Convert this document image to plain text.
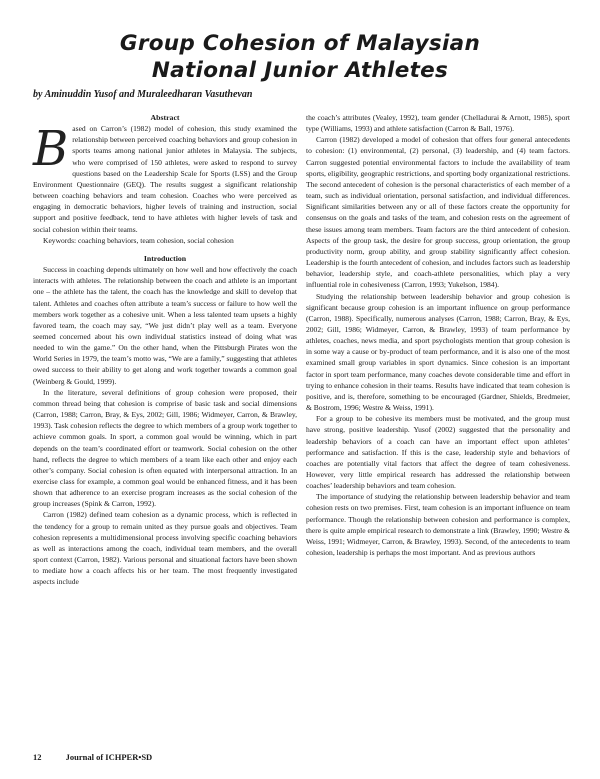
Group Cohesion of Malaysian
National Junior Athletes
by Aminuddin Yusof and Muraleedharan Vasuthevan
Abstract
B ased on Carron’s (1982) model of cohesion, this study examined the relationship between perceived coaching behaviors and group cohesion in sports teams among national junior athletes in Malaysia. The subjects, who were comprised of 150 athletes, were asked to respond to survey questions based on the Leadership Scale for Sports (LSS) and the Group Environment Questionnaire (GEQ). The results suggest a significant relationship between coaching behaviors and team cohesion. Coaches who were perceived as engaging in democratic behaviors, higher levels of training and instruction, social support and positive feedback, tend to have athletes with higher levels of task and social cohesion within their teams.

Keywords: coaching behaviors, team cohesion, social cohesion

Introduction

Success in coaching depends ultimately on how well and how effectively the coach interacts with athletes. The relationship between the coach and athlete is an important one – the athlete has the talent, the coach has the knowledge and skill to develop that talent. Athletes and coaches often attribute a team’s success or failure to how well the members work together as a cohesive unit. When a less talented team upsets a highly favored team, the coach may say, “We just didn’t play well as a team. Everyone seemed concerned about his own individual statistics instead of doing what was needed to win the game.” On the other hand, when the Pittsburgh Pirates won the World Series in 1979, the team’s motto was, “We are a family,” suggesting that athletes owed success to their ability to get along and work together towards a common goal (Weinberg & Gould, 1999).

In the literature, several definitions of group cohesion were proposed, their common thread being that cohesion is comprise of basic task and social dimensions (Carron, 1988; Carron, Bray, & Eys, 2002; Gill, 1986; Widmeyer, Carron, & Brawley, 1993). Task cohesion reflects the degree to which members of a group work together to achieve common goals. In sport, a common goal would be winning, which in part depends on the team’s coordinated effort or teamwork. Social cohesion on the other hand, reflects the degree to which members of a team like each other and enjoy each other’s company. Social cohesion is often equated with interpersonal attraction. In an exercise class for example, a common goal would be enhanced fitness, and it has been shown that adherence to an exercise program increases as the social cohesion of the group increases (Spink & Carron, 1992).

Carron (1982) defined team cohesion as a dynamic process, which is reflected in the tendency for a group to remain united as they pursue goals and objectives. Team cohesion represents a multidimensional process involving specific coaching behaviors as well as interactions among the coach, individual team members, and the overall sport context (Carron, 1982). Various personal and situational factors have been shown to mediate how a coach affects his or her team. The most frequently investigated aspects include

the coach’s attributes (Vealey, 1992), team gender (Chelladurai & Arnott, 1985), sport type (Williams, 1993) and athlete satisfaction (Carron & Ball, 1976).

Carron (1982) developed a model of cohesion that offers four general antecedents to cohesion: (1) environmental, (2) personal, (3) leadership, and (4) team factors. Carron suggested potential environmental factors to include the availability of team sports, eligibility, geographic restrictions, and sporting body organizational restrictions. The second antecedent of cohesion is the personal characteristics of each member of a team, such as individual orientation, personal satisfaction, and individual differences. Significant similarities between any or all of these factors create the opportunity for consensus on the goals and tasks of the team, and cohesion rests on the agreement of these issues among team members. Team factors are the third antecedent of cohesion. Aspects of the group task, the desire for group success, group orientation, the group productivity norm, group ability, and group stability significantly affect cohesion. Leadership is the fourth antecedent of cohesion, and includes factors such as leadership behavior, leadership style, and coach-athlete personalities, which play a very influential role in cohesiveness (Carron, 1993; Yukelson, 1984).

Studying the relationship between leadership behavior and group cohesion is significant because group cohesion is an important influence on group performance (Carron, 1988). Specifically, numerous analyses (Carron, 1988; Carron, Bray, & Eys, 2002; Gill, 1986; Widmeyer, Carron, & Brawley, 1993) of team performance by athletes, coaches, news media, and sport psychologists mention that group cohesion is in some way a cause or by-product of team performance, and it is also one of the most examined small group variables in sport dynamics. Since cohesion is an important factor in sport team performance, many coaches devote considerable time and effort in trying to enhance cohesion in their teams. Results have indicated that team cohesion is positive, and is, therefore, something to be encouraged (Gardner, Shields, Bredmeier, & Bostrom, 1996; Westre & Weiss, 1991).

For a group to be cohesive its members must be motivated, and the group must have strong, positive leadership. Yusof (2002) suggested that the personality and leadership behaviors of a coach can have an important effect upon athletes’ performance and satisfaction. If this is the case, leadership style and behaviors of coaches are potentially vital factors that affect the degree of team cohesiveness. However, very little empirical research has addressed the relationship between coaches’ leadership behaviors and team cohesion.

The importance of studying the relationship between leadership behavior and team cohesion rests on two premises. First, team cohesion is an important influence on team performance. Though the relationship between cohesion and performance is complex, there is quite ample empirical research to demonstrate a link (Brawley, 1990; Westre & Weiss, 1991; Widmeyer, Carron, & Brawley, 1993). Second, of the antecedents to team cohesion, leadership is perhaps the most important. And as previous authors

12	Journal of ICHPER•SD
